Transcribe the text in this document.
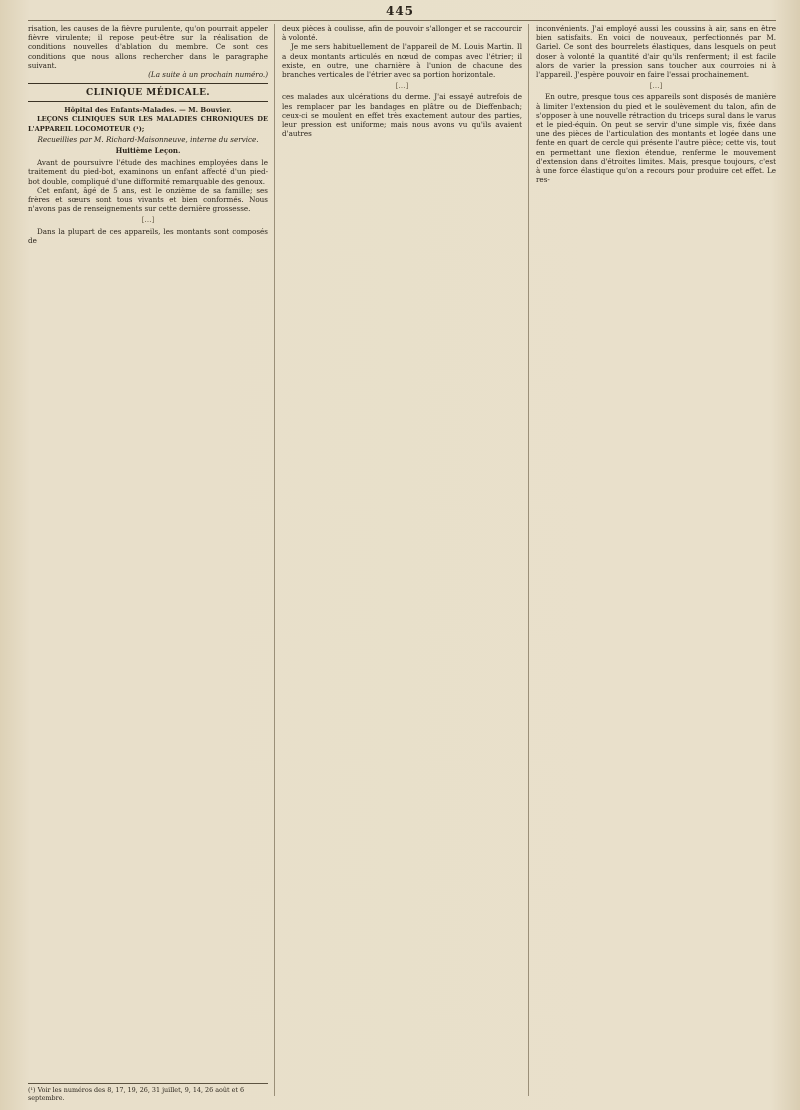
445

risation, les causes de la fièvre purulente, qu'on pourrait appeler fièvre virulente; il repose peut-être sur la réalisation de conditions nouvelles d'ablation du membre. Ce sont ces conditions que nous allons rechercher dans le paragraphe suivant.

(La suite à un prochain numéro.)
CLINIQUE MÉDICALE.

Hôpital des Enfants-Malades. — M. Bouvier.

LEÇONS CLINIQUES SUR LES MALADIES CHRONIQUES DE L'APPAREIL LOCOMOTEUR (¹);

Recueillies par M. Richard-Maisonneuve, interne du service.

Huitième Leçon.

Avant de poursuivre l'étude des machines employées dans le traitement du pied-bot, examinons un enfant affecté d'un pied-bot double, compliqué d'une difformité remarquable des genoux.

Cet enfant, âgé de 5 ans, est le onzième de sa famille; ses frères et sœurs sont tous vivants et bien conformés. Nous n'avons pas de renseignements sur cette dernière grossesse.

[…]

Dans la plupart de ces appareils, les montants sont composés de

(¹) Voir les numéros des 8, 17, 19, 26, 31 juillet, 9, 14, 26 août et 6 septembre.

deux pièces à coulisse, afin de pouvoir s'allonger et se raccourcir à volonté.

Je me sers habituellement de l'appareil de M. Louis Martin. Il a deux montants articulés en nœud de compas avec l'étrier; il existe, en outre, une charnière à l'union de chacune des branches verticales de l'étrier avec sa portion horizontale.

[…]

ces malades aux ulcérations du derme. J'ai essayé autrefois de les remplacer par les bandages en plâtre ou de Dieffenbach; ceux-ci se moulent en effet très exactement autour des parties, leur pression est uniforme; mais nous avons vu qu'ils avaient d'autres

inconvénients. J'ai employé aussi les coussins à air, sans en être bien satisfaits. En voici de nouveaux, perfectionnés par M. Gariel. Ce sont des bourrelets élastiques, dans lesquels on peut doser à volonté la quantité d'air qu'ils renferment; il est facile alors de varier la pression sans toucher aux courroies ni à l'appareil. J'espère pouvoir en faire l'essai prochainement.

[…]

En outre, presque tous ces appareils sont disposés de manière à limiter l'extension du pied et le soulèvement du talon, afin de s'opposer à une nouvelle rétraction du triceps sural dans le varus et le pied-équin. On peut se servir d'une simple vis, fixée dans une des pièces de l'articulation des montants et logée dans une fente en quart de cercle qui présente l'autre pièce; cette vis, tout en permettant une flexion étendue, renferme le mouvement d'extension dans d'étroites limites. Mais, presque toujours, c'est à une force élastique qu'on a recours pour produire cet effet. Le res-
